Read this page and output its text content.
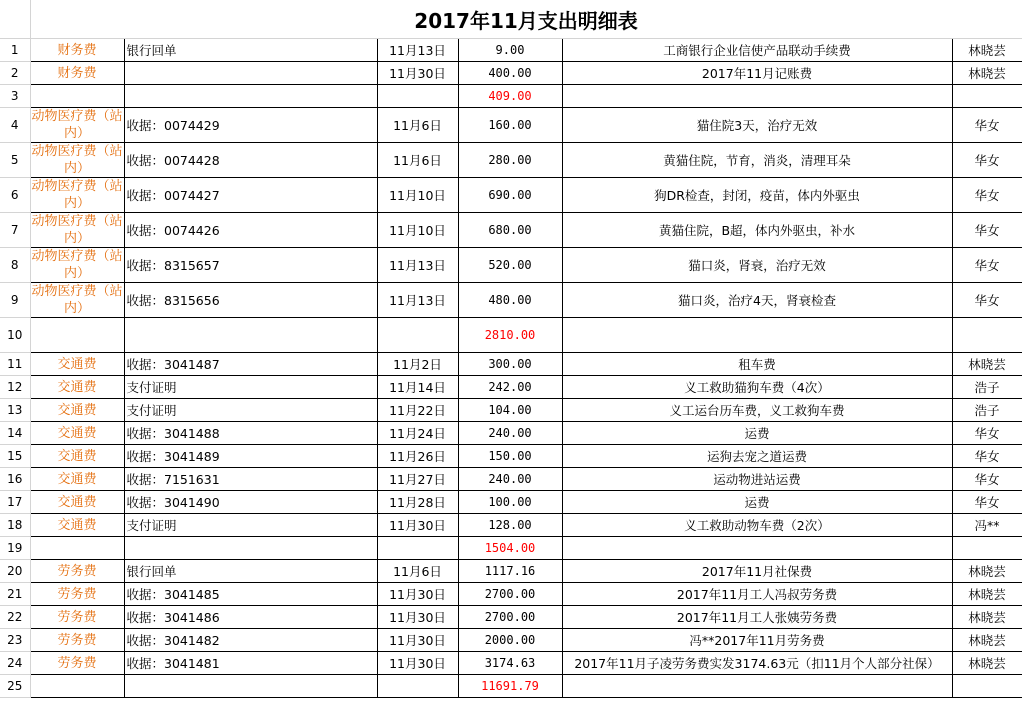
	2017年11月支出明细表					
1	财务费	银行回单	11月13日	9.00	工商银行企业信使产品联动手续费	林晓芸
2	财务费		11月30日	400.00	2017年11月记账费	林晓芸
3				409.00		
4	动物医疗费（站内）	收据：0074429	11月6日	160.00	猫住院3天，治疗无效	华女
5	动物医疗费（站内）	收据：0074428	11月6日	280.00	黄猫住院，节育，消炎，清理耳朵	华女
6	动物医疗费（站内）	收据：0074427	11月10日	690.00	狗DR检查，封闭，疫苗，体内外驱虫	华女
7	动物医疗费（站内）	收据：0074426	11月10日	680.00	黄猫住院，B超，体内外驱虫，补水	华女
8	动物医疗费（站内）	收据：8315657	11月13日	520.00	猫口炎，肾衰，治疗无效	华女
9	动物医疗费（站内）	收据：8315656	11月13日	480.00	猫口炎，治疗4天，肾衰检查	华女
10				2810.00		
11	交通费	收据：3041487	11月2日	300.00	租车费	林晓芸
12	交通费	支付证明	11月14日	242.00	义工救助猫狗车费（4次）	浩子
13	交通费	支付证明	11月22日	104.00	义工运台历车费，义工救狗车费	浩子
14	交通费	收据：3041488	11月24日	240.00	运费	华女
15	交通费	收据：3041489	11月26日	150.00	运狗去宠之道运费	华女
16	交通费	收据：7151631	11月27日	240.00	运动物进站运费	华女
17	交通费	收据：3041490	11月28日	100.00	运费	华女
18	交通费	支付证明	11月30日	128.00	义工救助动物车费（2次）	冯**
19				1504.00		
20	劳务费	银行回单	11月6日	1117.16	2017年11月社保费	林晓芸
21	劳务费	收据：3041485	11月30日	2700.00	2017年11月工人冯叔劳务费	林晓芸
22	劳务费	收据：3041486	11月30日	2700.00	2017年11月工人张姨劳务费	林晓芸
23	劳务费	收据：3041482	11月30日	2000.00	冯**2017年11月劳务费	林晓芸
24	劳务费	收据：3041481	11月30日	3174.63	2017年11月子凌劳务费实发3174.63元（扣11月个人部分社保）	林晓芸
25				11691.79		
